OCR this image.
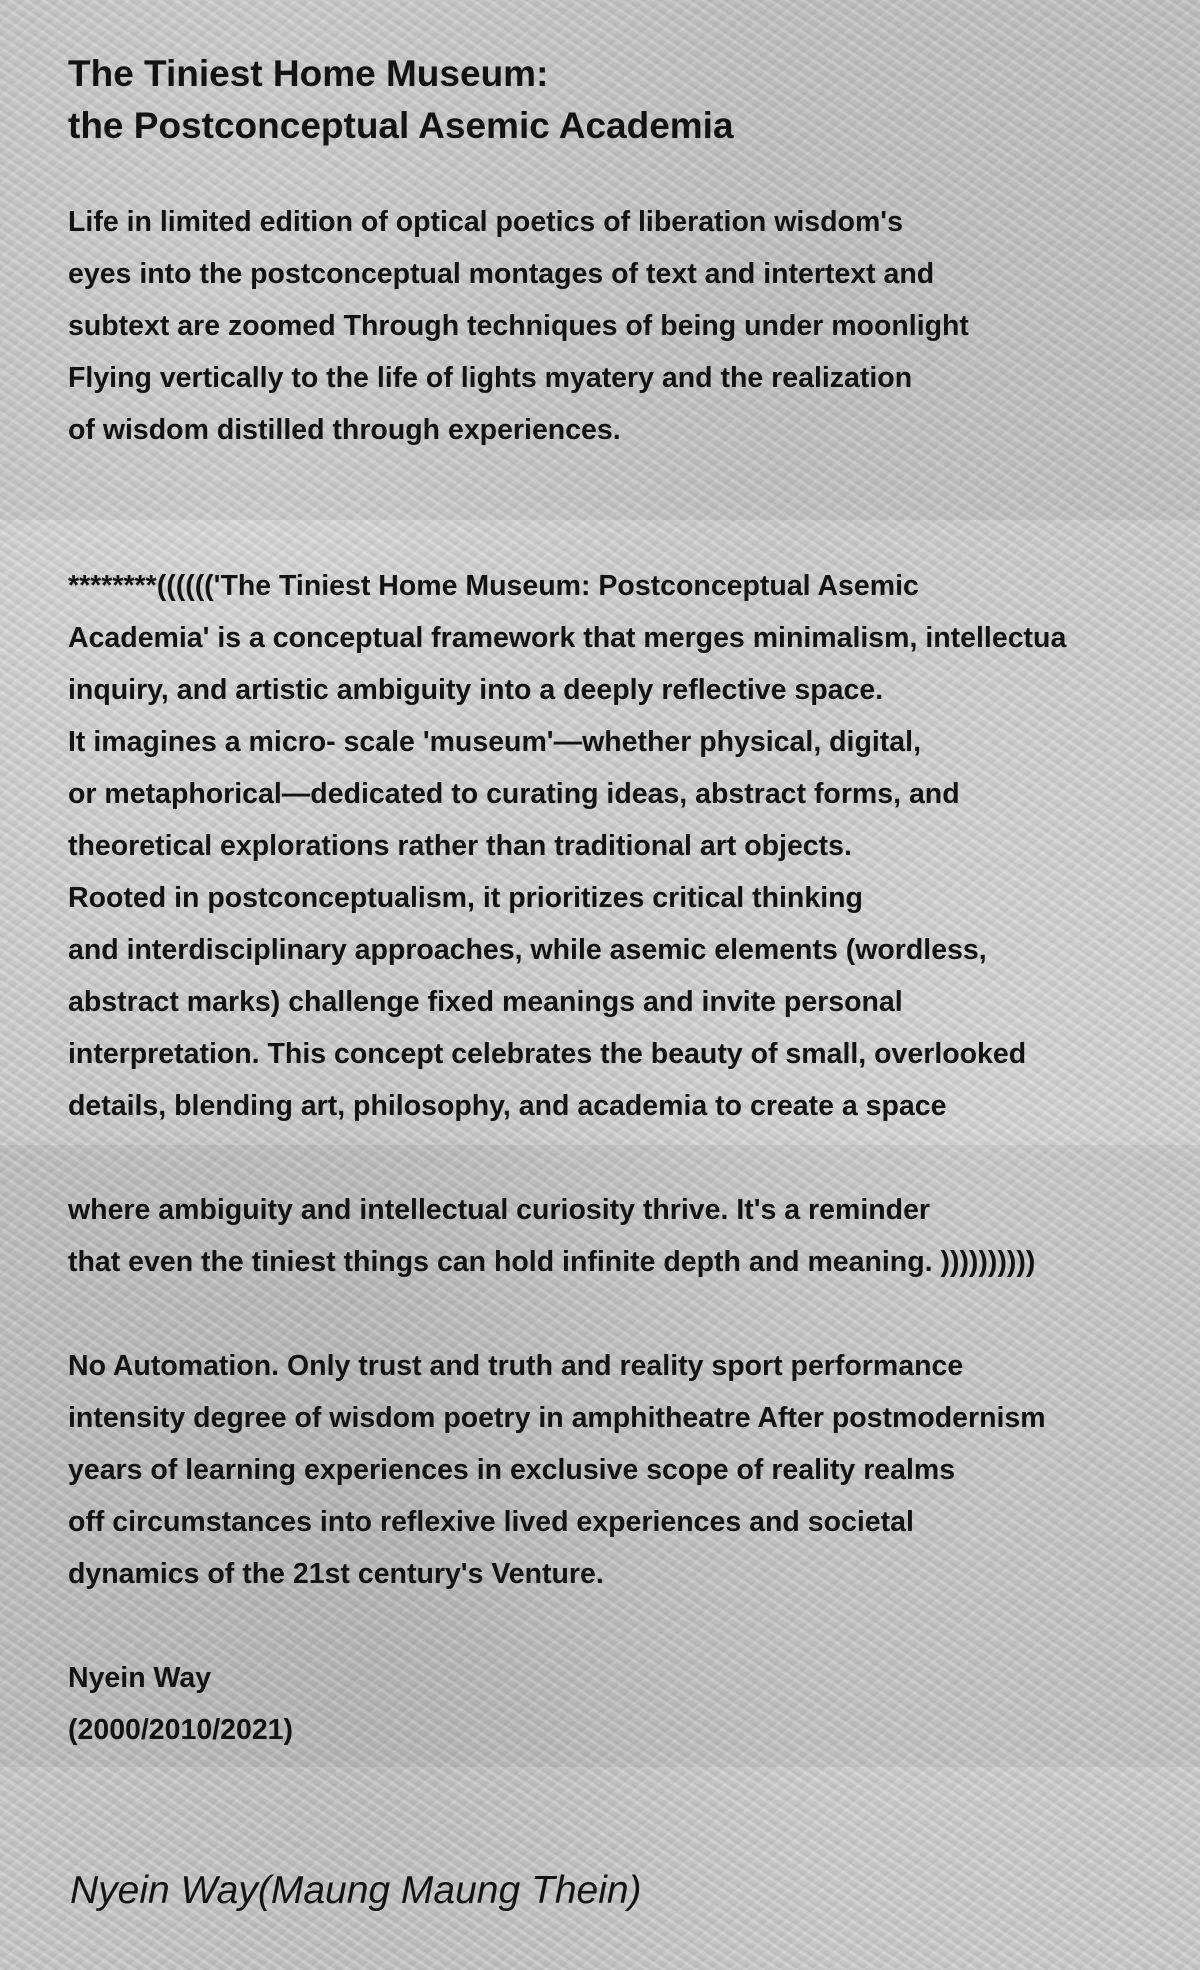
The Tiniest Home Museum:
the Postconceptual Asemic Academia
Life in limited edition of optical poetics of liberation wisdom's
eyes into the postconceptual montages of text and intertext and
subtext are zoomed Through techniques of being under moonlight
Flying vertically to the life of lights myatery and the realization
of wisdom distilled through experiences.
********(((((('The Tiniest Home Museum: Postconceptual Asemic
Academia' is a conceptual framework that merges minimalism, intellectua
inquiry, and artistic ambiguity into a deeply reflective space.
It imagines a micro- scale 'museum'—whether physical, digital,
or metaphorical—dedicated to curating ideas, abstract forms, and
theoretical explorations rather than traditional art objects.
Rooted in postconceptualism, it prioritizes critical thinking
and interdisciplinary approaches, while asemic elements (wordless,
abstract marks) challenge fixed meanings and invite personal
interpretation. This concept celebrates the beauty of small, overlooked
details, blending art, philosophy, and academia to create a space
where ambiguity and intellectual curiosity thrive. It's a reminder
that even the tiniest things can hold infinite depth and meaning. ))))))))))
No Automation. Only trust and truth and reality sport performance
intensity degree of wisdom poetry in amphitheatre After postmodernism
years of learning experiences in exclusive scope of reality realms
off circumstances into reflexive lived experiences and societal
dynamics of the 21st century's Venture.
Nyein Way
(2000/2010/2021)
Nyein Way(Maung Maung Thein)
